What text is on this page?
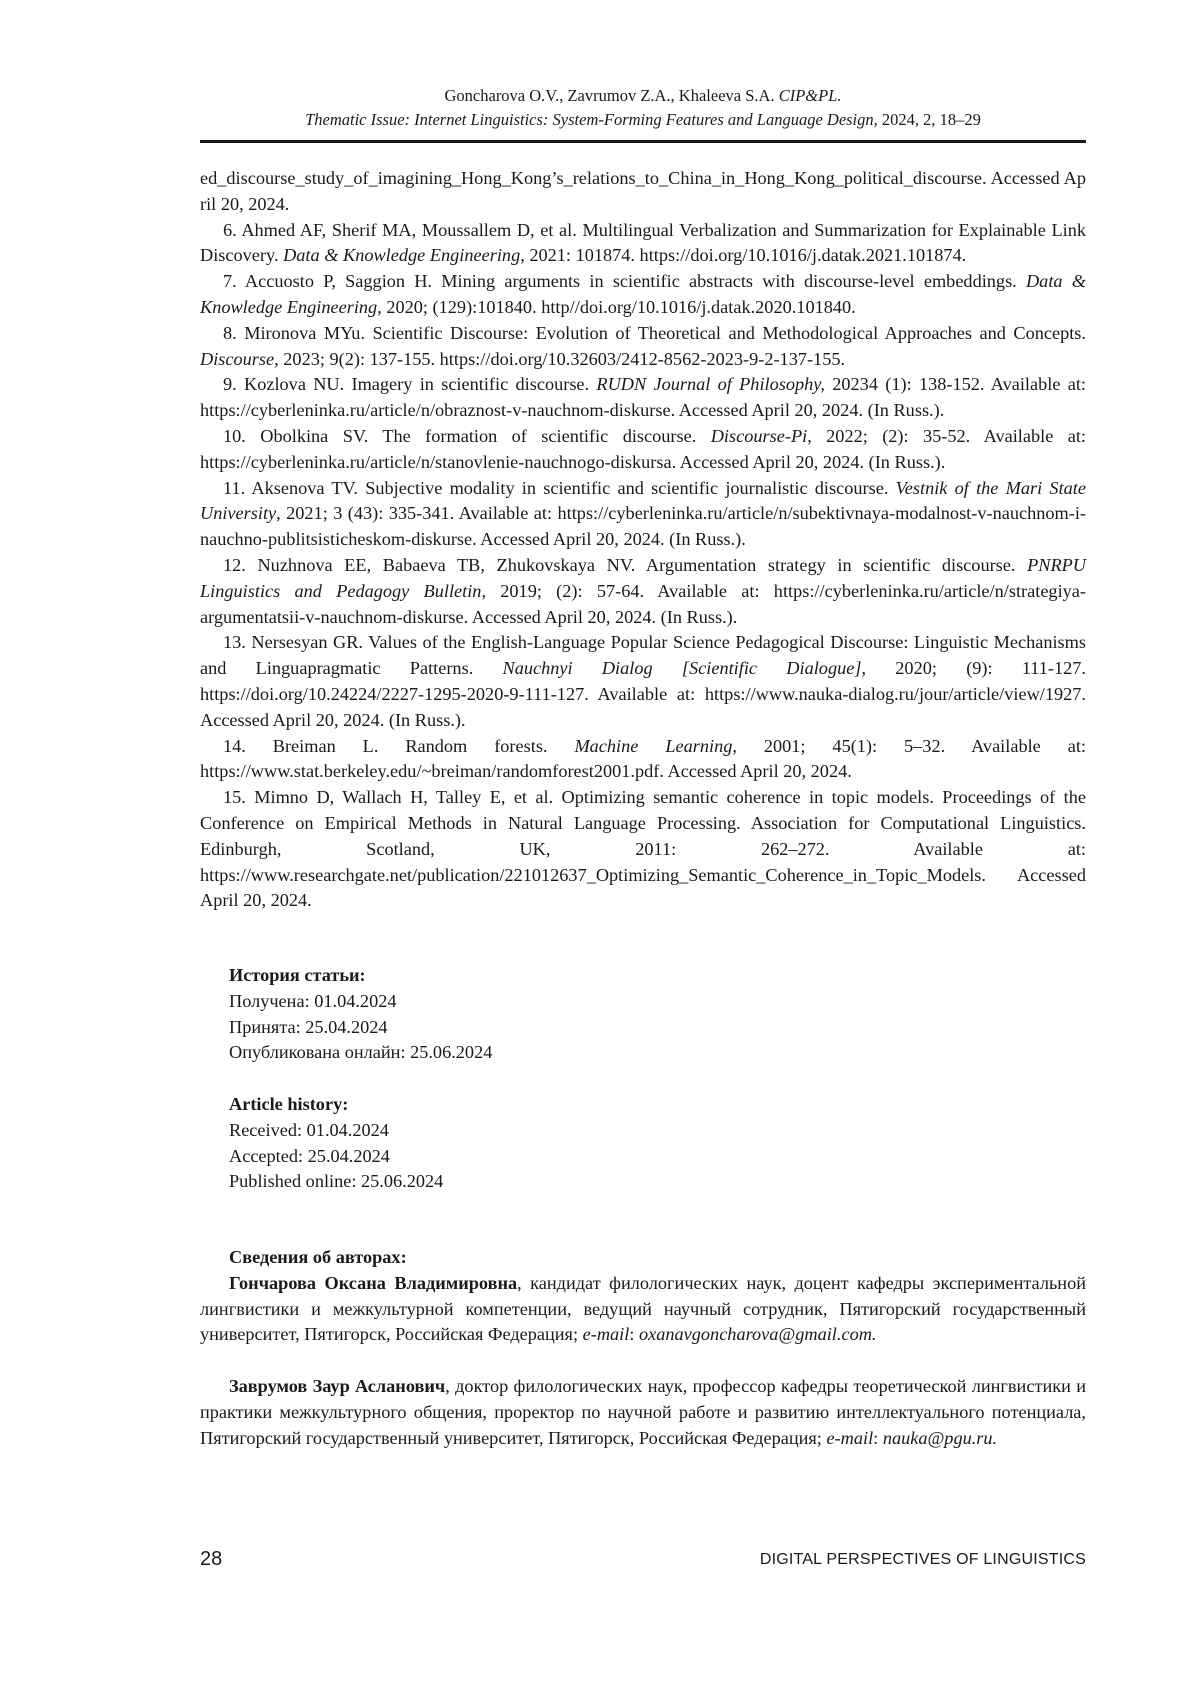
Goncharova O.V., Zavrumov Z.A., Khaleeva S.A. CIP&PL.
Thematic Issue: Internet Linguistics: System-Forming Features and Language Design, 2024, 2, 18–29

ed_discourse_study_of_imagining_Hong_Kong’s_relations_to_China_in_Hong_Kong_political_discourse. Accessed April 20, 2024.

6. Ahmed AF, Sherif MA, Moussallem D, et al. Multilingual Verbalization and Summarization for Explainable Link Discovery. Data & Knowledge Engineering, 2021: 101874. https://doi.org/10.1016/j.datak.2021.101874.

7. Accuosto P, Saggion H. Mining arguments in scientific abstracts with discourse-level embeddings. Data & Knowledge Engineering, 2020; (129):101840. http//doi.org/10.1016/j.datak.2020.101840.

8. Mironova MYu. Scientific Discourse: Evolution of Theoretical and Methodological Approaches and Concepts. Discourse, 2023; 9(2): 137-155. https://doi.org/10.32603/2412-8562-2023-9-2-137-155.

9. Kozlova NU. Imagery in scientific discourse. RUDN Journal of Philosophy, 20234 (1): 138-152. Available at: https://cyberleninka.ru/article/n/obraznost-v-nauchnom-diskurse. Accessed April 20, 2024. (In Russ.).

10. Obolkina SV. The formation of scientific discourse. Discourse-Pi, 2022; (2): 35-52. Available at: https://cyberleninka.ru/article/n/stanovlenie-nauchnogo-diskursa. Accessed April 20, 2024. (In Russ.).

11. Aksenova TV. Subjective modality in scientific and scientific journalistic discourse. Vestnik of the Mari State University, 2021; 3 (43): 335-341. Available at: https://cyberleninka.ru/article/n/subektivnaya-modalnost-v-nauchnom-i-nauchno-publitsisticheskom-diskurse. Accessed April 20, 2024. (In Russ.).

12. Nuzhnova EE, Babaeva TB, Zhukovskaya NV. Argumentation strategy in scientific discourse. PNRPU Linguistics and Pedagogy Bulletin, 2019; (2): 57-64. Available at: https://cyberleninka.ru/article/n/strategiya-argumentatsii-v-nauchnom-diskurse. Accessed April 20, 2024. (In Russ.).

13. Nersesyan GR. Values of the English-Language Popular Science Pedagogical Discourse: Linguistic Mechanisms and Linguapragmatic Patterns. Nauchnyi Dialog [Scientific Dialogue], 2020; (9): 111-127. https://doi.org/10.24224/2227-1295-2020-9-111-127. Available at: https://www.nauka-dialog.ru/jour/article/view/1927. Accessed April 20, 2024. (In Russ.).

14. Breiman L. Random forests. Machine Learning, 2001; 45(1): 5–32. Available at: https://www.stat.berkeley.edu/~breiman/randomforest2001.pdf. Accessed April 20, 2024.

15. Mimno D, Wallach H, Talley E, et al. Optimizing semantic coherence in topic models. Proceedings of the Conference on Empirical Methods in Natural Language Processing. Association for Computational Linguistics. Edinburgh, Scotland, UK, 2011: 262–272. Available at: https://www.researchgate.net/publication/221012637_Optimizing_Semantic_Coherence_in_Topic_Models. Accessed April 20, 2024.

История статьи:
Получена: 01.04.2024
Принята: 25.04.2024
Опубликована онлайн: 25.06.2024
Article history:
Received: 01.04.2024
Accepted: 25.04.2024
Published online: 25.06.2024
Сведения об авторах:

Гончарова Оксана Владимировна, кандидат филологических наук, доцент кафедры экспериментальной лингвистики и межкультурной компетенции, ведущий научный сотрудник, Пятигорский государственный университет, Пятигорск, Российская Федерация; e-mail: oxanavgoncharova@gmail.com.

Заврумов Заур Асланович, доктор филологических наук, профессор кафедры теоретической лингвистики и практики межкультурного общения, проректор по научной работе и развитию интеллектуального потенциала, Пятигорский государственный университет, Пятигорск, Российская Федерация; e-mail: nauka@pgu.ru.

28	DIGITAL PERSPECTIVES OF LINGUISTICS
